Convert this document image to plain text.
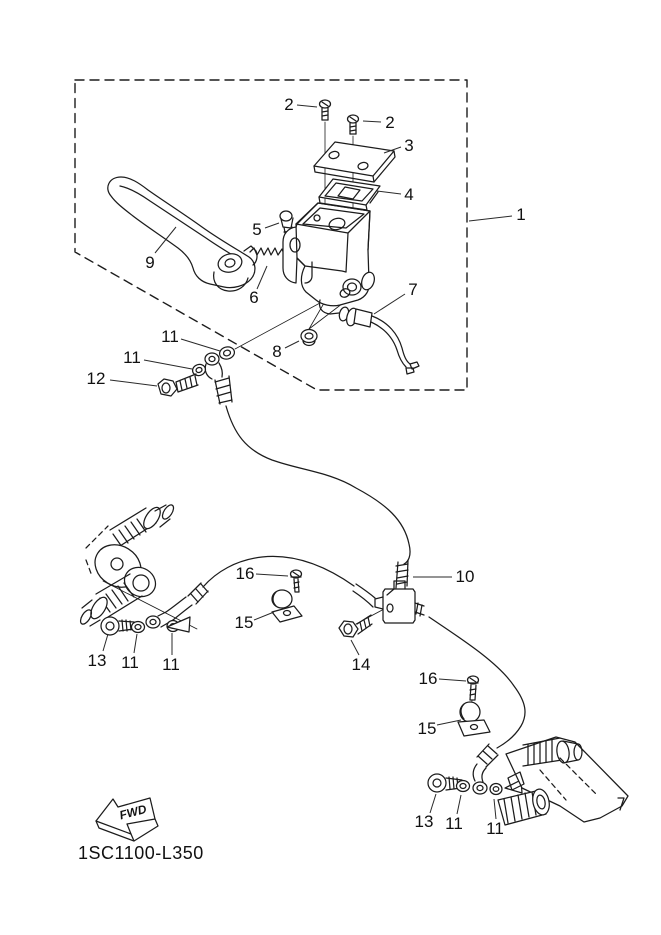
FWD
1SC1100-L350
1
2
2
3
4
5
6	7
8
9
10
11
11
12
13 11 11	14
15
16
15
16
13 11 11
